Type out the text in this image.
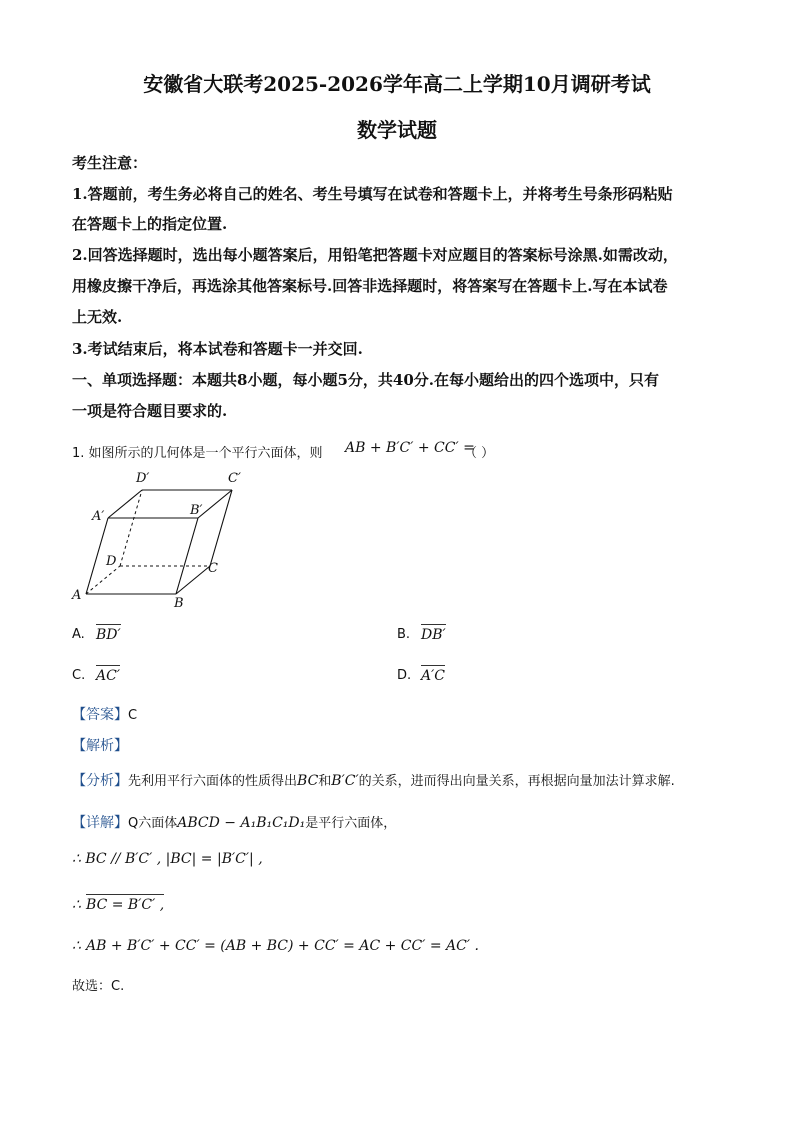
安徽省大联考2025-2026学年高二上学期10月调研考试
数学试题
考生注意：
1.答题前，考生务必将自己的姓名、考生号填写在试卷和答题卡上，并将考生号条形码粘贴
在答题卡上的指定位置.
2.回答选择题时，选出每小题答案后，用铅笔把答题卡对应题目的答案标号涂黑.如需改动，
用橡皮擦干净后，再选涂其他答案标号.回答非选择题时，将答案写在答题卡上.写在本试卷
上无效.
3.考试结束后，将本试卷和答题卡一并交回.
一、单项选择题：本题共8小题，每小题5分，共40分.在每小题给出的四个选项中，只有
一项是符合题目要求的.
1. 如图所示的几何体是一个平行六面体，则 AB + B′C′ + CC′ =
（ ）
A
B
C
D
A′	B′
C′
D′
A. BD′	B. DB′
C. AC′	D. A′C
【答案】C
【解析】
【分析】先利用平行六面体的性质得出BC和B′C′的关系，进而得出向量关系，再根据向量加法计算求解.
【详解】Q六面体ABCD − A₁B₁C₁D₁是平行六面体，
∴ BC // B′C′ , |BC| = |B′C′| ,
∴ BC = B′C′ ,
∴ AB + B′C′ + CC′ = (AB + BC) + CC′ = AC + CC′ = AC′ .
故选：C.
